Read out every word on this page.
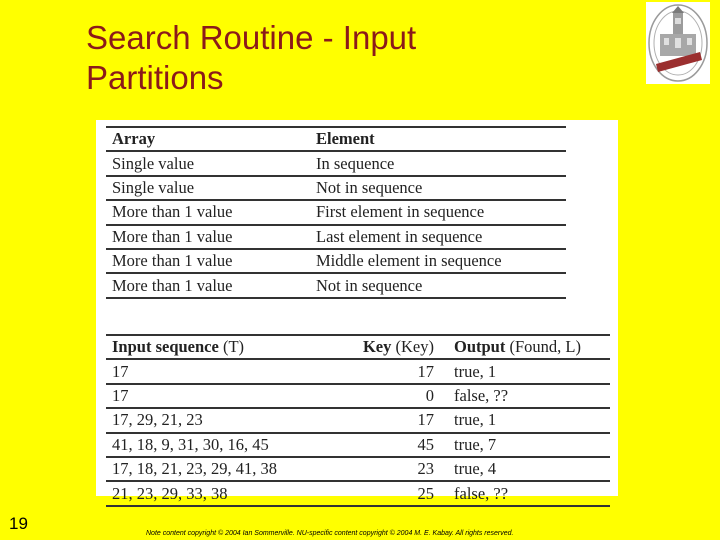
Search Routine - Input
Partitions
Array	Element
Single value	In sequence
Single value	Not in sequence
More than 1 value	First element in sequence
More than 1 value	Last element in sequence
More than 1 value	Middle element in sequence
More than 1 value	Not in sequence
Input sequence (T)	Key (Key)	Output (Found, L)
17	17	true, 1
17	0	false, ??
17, 29, 21, 23	17	true, 1
41, 18, 9, 31, 30, 16, 45	45	true, 7
17, 18, 21, 23, 29, 41, 38	23	true, 4
21, 23, 29, 33, 38	25	false, ??
19
Note content copyright © 2004 Ian Sommerville. NU-specific content copyright © 2004 M. E. Kabay. All rights reserved.
